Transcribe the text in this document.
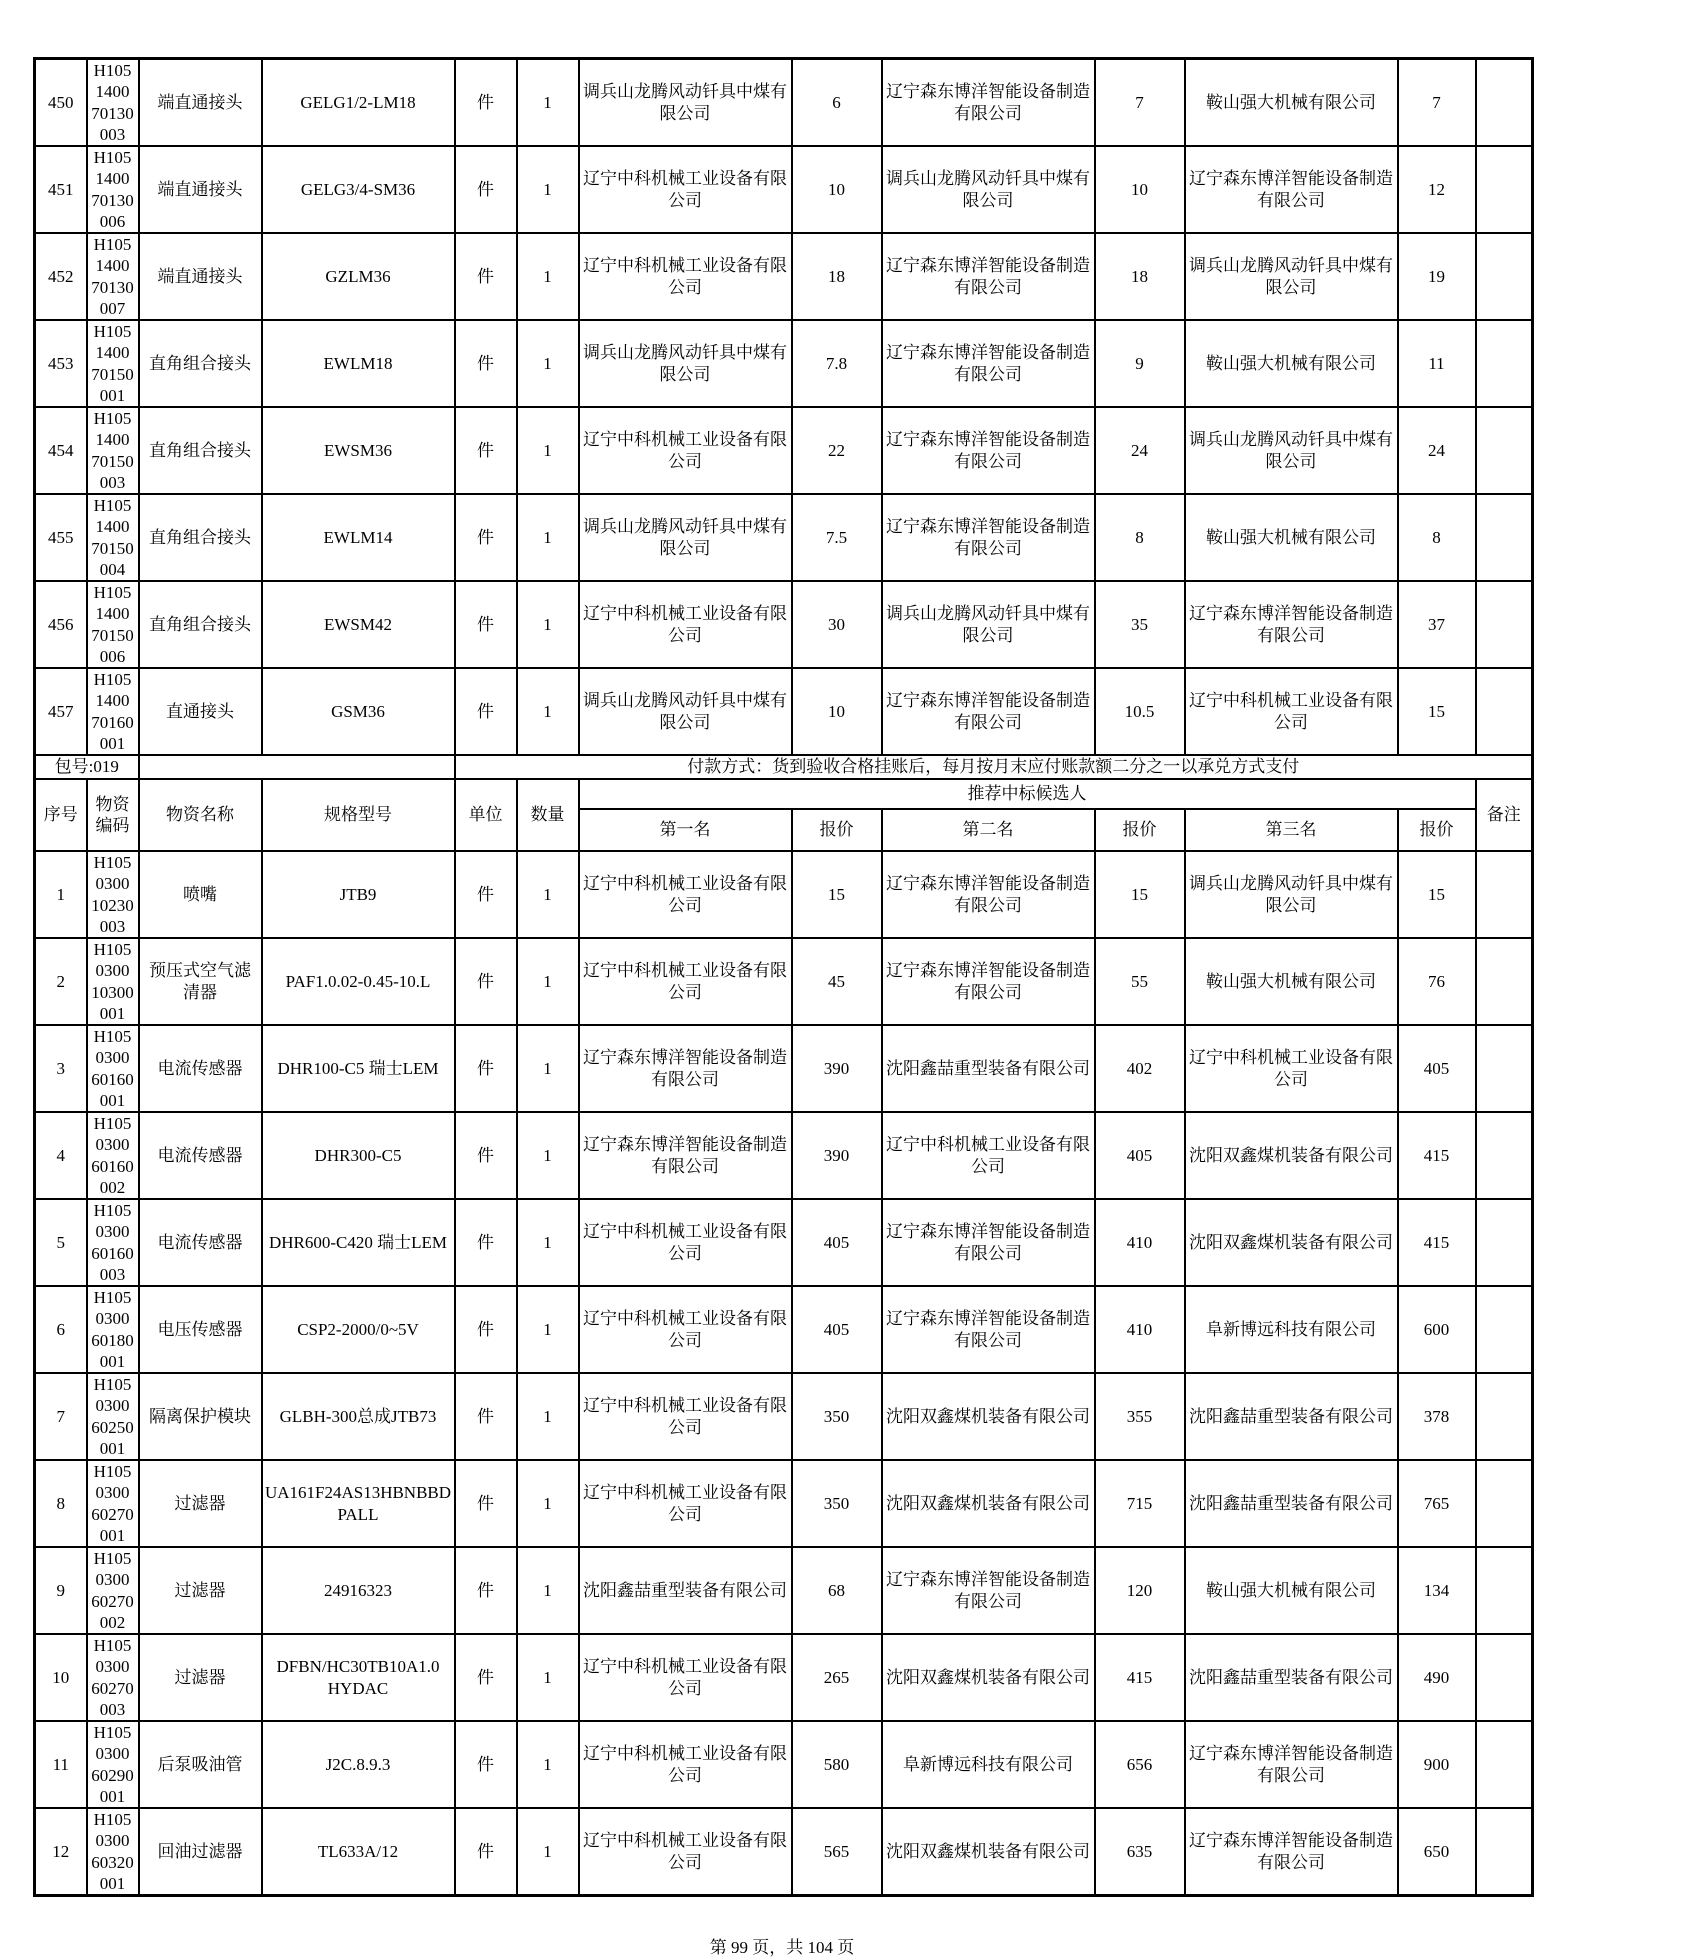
450	H1051400 70130003	端直通接头	GELG1/2-LM18	件	1	调兵山龙腾风动钎具中煤有限公司	6	辽宁森东博洋智能设备制造有限公司	7	鞍山强大机械有限公司	7	
451	H1051400 70130006	端直通接头	GELG3/4-SM36	件	1	辽宁中科机械工业设备有限公司	10	调兵山龙腾风动钎具中煤有限公司	10	辽宁森东博洋智能设备制造有限公司	12	
452	H1051400 70130007	端直通接头	GZLM36	件	1	辽宁中科机械工业设备有限公司	18	辽宁森东博洋智能设备制造有限公司	18	调兵山龙腾风动钎具中煤有限公司	19	
453	H1051400 70150001	直角组合接头	EWLM18	件	1	调兵山龙腾风动钎具中煤有限公司	7.8	辽宁森东博洋智能设备制造有限公司	9	鞍山强大机械有限公司	11	
454	H1051400 70150003	直角组合接头	EWSM36	件	1	辽宁中科机械工业设备有限公司	22	辽宁森东博洋智能设备制造有限公司	24	调兵山龙腾风动钎具中煤有限公司	24	
455	H1051400 70150004	直角组合接头	EWLM14	件	1	调兵山龙腾风动钎具中煤有限公司	7.5	辽宁森东博洋智能设备制造有限公司	8	鞍山强大机械有限公司	8	
456	H1051400 70150006	直角组合接头	EWSM42	件	1	辽宁中科机械工业设备有限公司	30	调兵山龙腾风动钎具中煤有限公司	35	辽宁森东博洋智能设备制造有限公司	37	
457	H1051400 70160001	直通接头	GSM36	件	1	调兵山龙腾风动钎具中煤有限公司	10	辽宁森东博洋智能设备制造有限公司	10.5	辽宁中科机械工业设备有限公司	15	
包号:019				付款方式：货到验收合格挂账后，每月按月末应付账款额二分之一以承兑方式支付								
序号	物资编码	物资名称	规格型号	单位	数量	推荐中标候选人						备注
						第一名	报价	第二名	报价	第三名	报价	
1	H1050300 10230003	喷嘴	JTB9	件	1	辽宁中科机械工业设备有限公司	15	辽宁森东博洋智能设备制造有限公司	15	调兵山龙腾风动钎具中煤有限公司	15	
2	H1050300 10300001	预压式空气滤清器	PAF1.0.02-0.45-10.L	件	1	辽宁中科机械工业设备有限公司	45	辽宁森东博洋智能设备制造有限公司	55	鞍山强大机械有限公司	76	
3	H1050300 60160001	电流传感器	DHR100-C5 瑞士LEM	件	1	辽宁森东博洋智能设备制造有限公司	390	沈阳鑫喆重型装备有限公司	402	辽宁中科机械工业设备有限公司	405	
4	H1050300 60160002	电流传感器	DHR300-C5	件	1	辽宁森东博洋智能设备制造有限公司	390	辽宁中科机械工业设备有限公司	405	沈阳双鑫煤机装备有限公司	415	
5	H1050300 60160003	电流传感器	DHR600-C420 瑞士LEM	件	1	辽宁中科机械工业设备有限公司	405	辽宁森东博洋智能设备制造有限公司	410	沈阳双鑫煤机装备有限公司	415	
6	H1050300 60180001	电压传感器	CSP2-2000/0~5V	件	1	辽宁中科机械工业设备有限公司	405	辽宁森东博洋智能设备制造有限公司	410	阜新博远科技有限公司	600	
7	H1050300 60250001	隔离保护模块	GLBH-300总成JTB73	件	1	辽宁中科机械工业设备有限公司	350	沈阳双鑫煤机装备有限公司	355	沈阳鑫喆重型装备有限公司	378	
8	H1050300 60270001	过滤器	UA161F24AS13HBNBBD PALL	件	1	辽宁中科机械工业设备有限公司	350	沈阳双鑫煤机装备有限公司	715	沈阳鑫喆重型装备有限公司	765	
9	H1050300 60270002	过滤器	24916323	件	1	沈阳鑫喆重型装备有限公司	68	辽宁森东博洋智能设备制造有限公司	120	鞍山强大机械有限公司	134	
10	H1050300 60270003	过滤器	DFBN/HC30TB10A1.0 HYDAC	件	1	辽宁中科机械工业设备有限公司	265	沈阳双鑫煤机装备有限公司	415	沈阳鑫喆重型装备有限公司	490	
11	H1050300 60290001	后泵吸油管	J2C.8.9.3	件	1	辽宁中科机械工业设备有限公司	580	阜新博远科技有限公司	656	辽宁森东博洋智能设备制造有限公司	900	
12	H1050300 60320001	回油过滤器	TL633A/12	件	1	辽宁中科机械工业设备有限公司	565	沈阳双鑫煤机装备有限公司	635	辽宁森东博洋智能设备制造有限公司	650	
第 99 页，共 104 页
